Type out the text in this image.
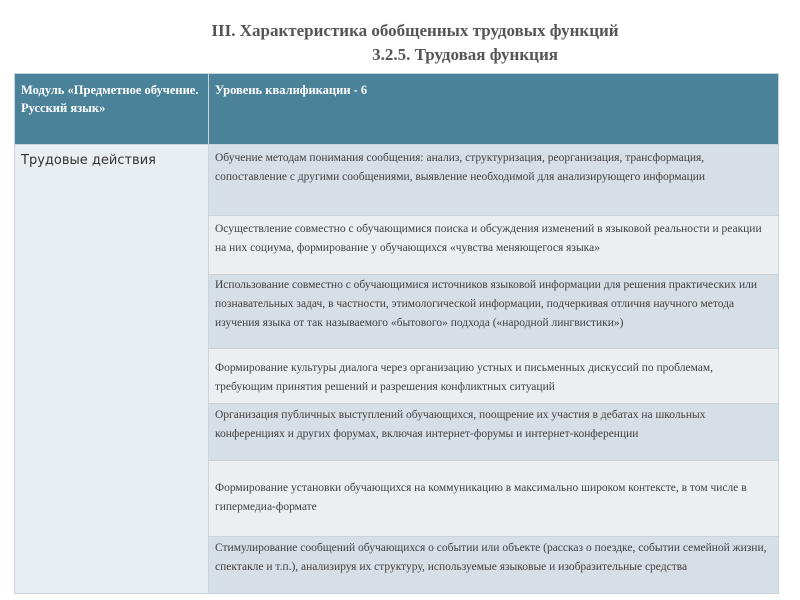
III. Характеристика обобщенных трудовых функций
3.2.5. Трудовая функция
Модуль «Предметное обучение. Русский язык»	Уровень квалификации - 6

Трудовые действия	Обучение методам понимания сообщения: анализ, структуризация, реорганизация, трансформация, сопоставление с другими сообщениями, выявление необходимой для анализирующего информации

	Осуществление совместно с обучающимися поиска и обсуждения изменений в языковой реальности и реакции на них социума, формирование у обучающихся «чувства меняющегося языка»

	Использование совместно с обучающимися источников языковой информации для решения практических или познавательных задач, в частности, этимологической информации, подчеркивая отличия научного метода изучения языка от так называемого «бытового» подхода («народной лингвистики»)

	Формирование культуры диалога через организацию устных и письменных дискуссий по проблемам, требующим принятия решений и разрешения конфликтных ситуаций

	Организация публичных выступлений обучающихся, поощрение их участия в дебатах на школьных конференциях и других форумах, включая интернет-форумы и интернет-конференции

	Формирование установки обучающихся на коммуникацию в максимально широком контексте, в том числе в гипермедиа-формате

	Стимулирование сообщений обучающихся о событии или объекте (рассказ о поездке, событии семейной жизни, спектакле и т.п.), анализируя их структуру, используемые языковые и изобразительные средства
